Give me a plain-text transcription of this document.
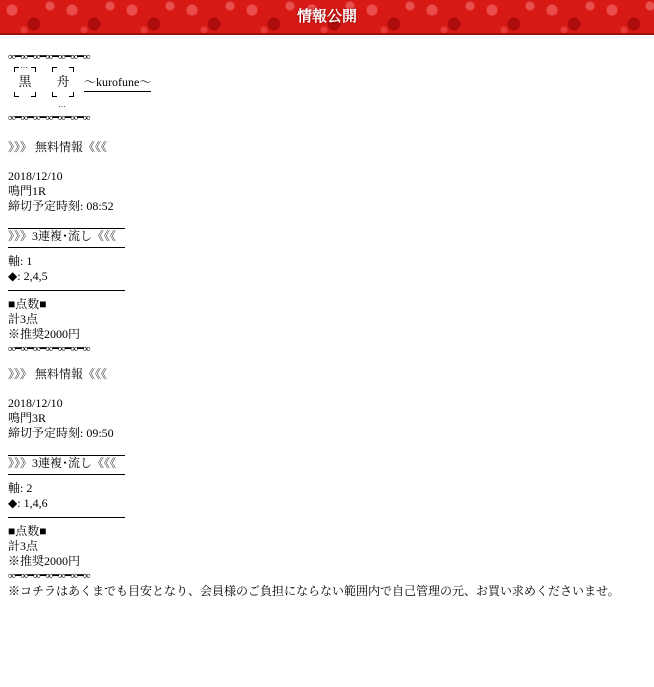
情報公開
∞━∞━∞━∞━∞━∞━∞
…
黒	舟
…
〜kurofune〜
∞━∞━∞━∞━∞━∞━∞
》》》 無料情報《《《
2018/12/10
鳴門1R
締切予定時刻: 08:52
》》》3連複･流し《《《
軸: 1
◆: 2,4,5
■点数■
計3点
※推奨2000円
∞━∞━∞━∞━∞━∞━∞
》》》 無料情報《《《
2018/12/10
鳴門3R
締切予定時刻: 09:50
》》》3連複･流し《《《
軸: 2
◆: 1,4,6
■点数■
計3点
※推奨2000円
∞━∞━∞━∞━∞━∞━∞
※コチラはあくまでも目安となり、会員様のご負担にならない範囲内で自己管理の元、お買い求めくださいませ。
